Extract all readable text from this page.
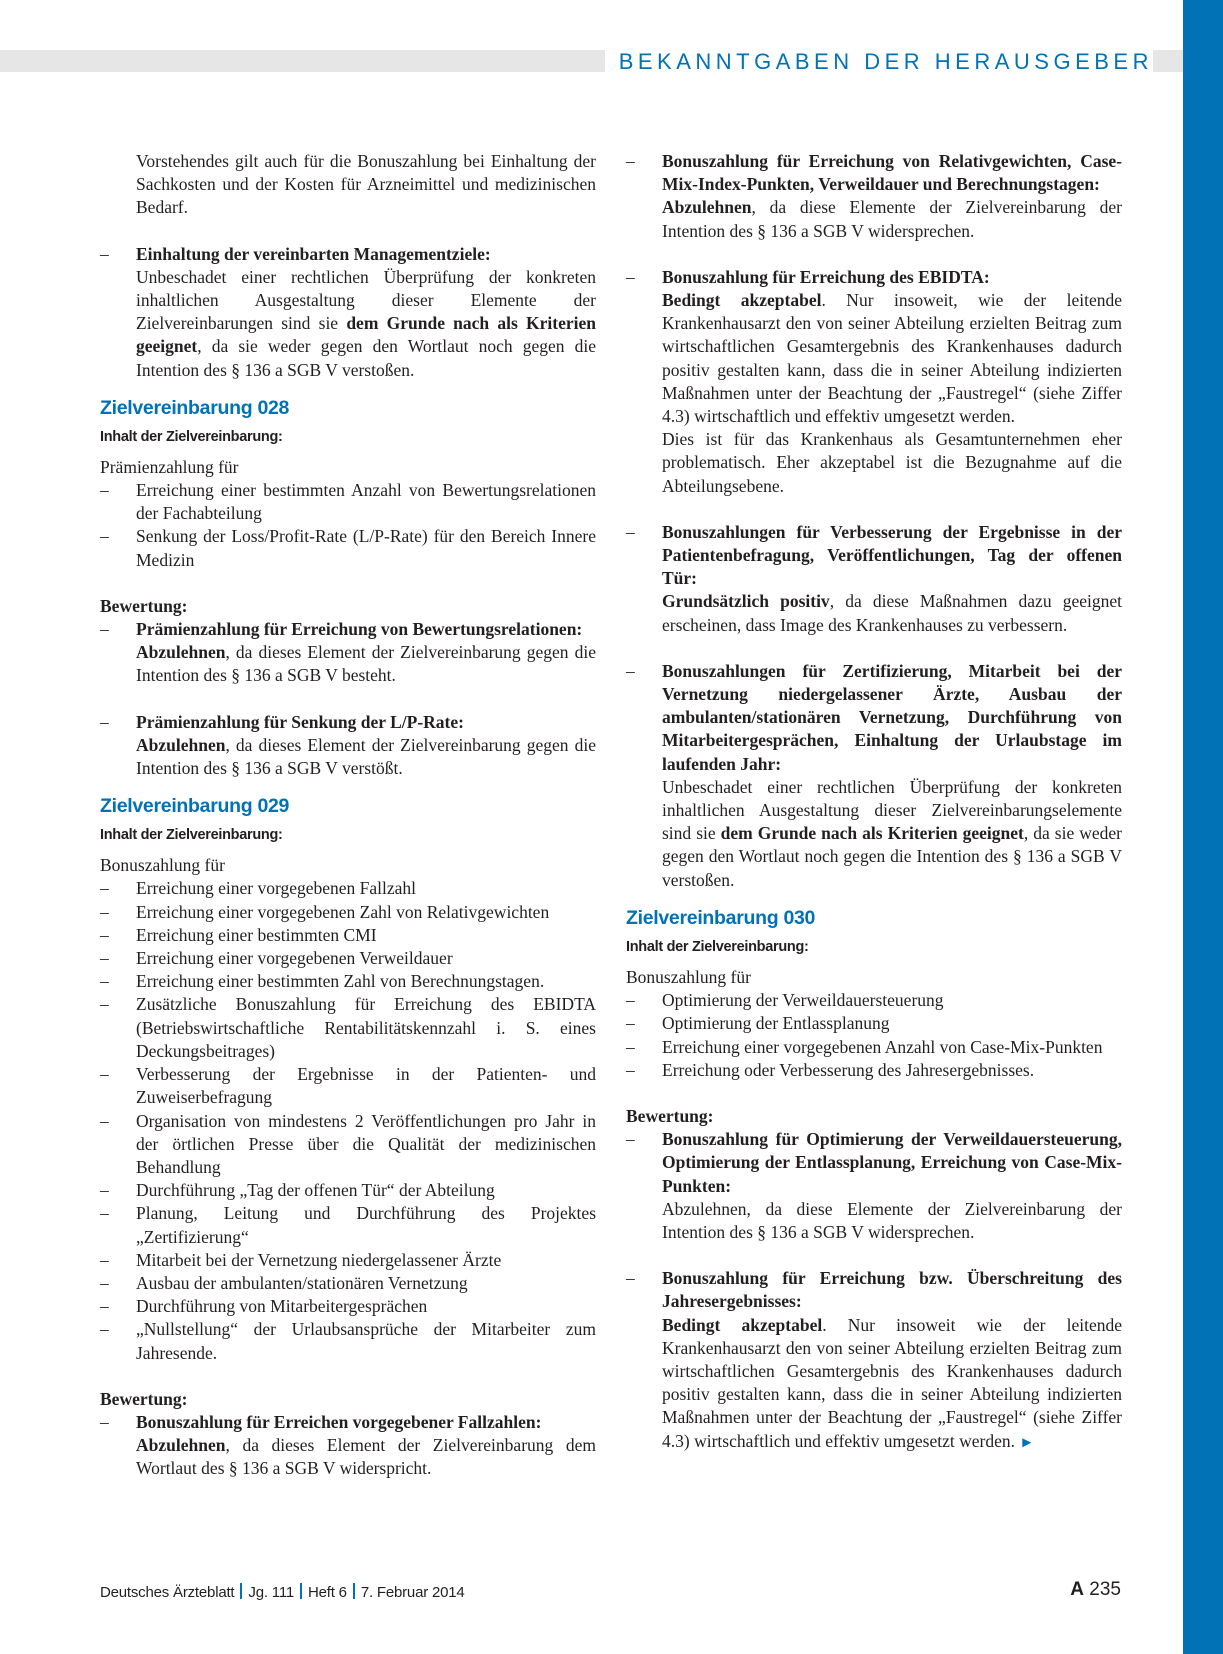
BEKANNTGABEN DER HERAUSGEBER

Vorstehendes gilt auch für die Bonuszahlung bei Einhaltung der Sachkosten und der Kosten für Arzneimittel und medizinischen Bedarf.

– Einhaltung der vereinbarten Managementziele:
Unbeschadet einer rechtlichen Überprüfung der konkreten inhaltlichen Ausgestaltung dieser Elemente der Zielvereinbarungen sind sie dem Grunde nach als Kriterien geeignet, da sie weder gegen den Wortlaut noch gegen die Intention des § 136 a SGB V verstoßen.
Zielvereinbarung 028
Inhalt der Zielvereinbarung:

Prämienzahlung für

– Erreichung einer bestimmten Anzahl von Bewertungsrelationen der Fachabteilung
– Senkung der Loss/Profit-Rate (L/P-Rate) für den Bereich Innere Medizin

Bewertung:

– Prämienzahlung für Erreichung von Bewertungsrelationen:
Abzulehnen, da dieses Element der Zielvereinbarung gegen die Intention des § 136 a SGB V besteht.
– Prämienzahlung für Senkung der L/P-Rate:
Abzulehnen, da dieses Element der Zielvereinbarung gegen die Intention des § 136 a SGB V verstößt.
Zielvereinbarung 029
Inhalt der Zielvereinbarung:

Bonuszahlung für

– Erreichung einer vorgegebenen Fallzahl
– Erreichung einer vorgegebenen Zahl von Relativgewichten
– Erreichung einer bestimmten CMI
– Erreichung einer vorgegebenen Verweildauer
– Erreichung einer bestimmten Zahl von Berechnungstagen.
– Zusätzliche Bonuszahlung für Erreichung des EBIDTA (Betriebswirtschaftliche Rentabilitätskennzahl i. S. eines Deckungsbeitrages)
– Verbesserung der Ergebnisse in der Patienten- und Zuweiserbefragung
– Organisation von mindestens 2 Veröffentlichungen pro Jahr in der örtlichen Presse über die Qualität der medizinischen Behandlung
– Durchführung „Tag der offenen Tür“ der Abteilung
– Planung, Leitung und Durchführung des Projektes „Zertifizierung“
– Mitarbeit bei der Vernetzung niedergelassener Ärzte
– Ausbau der ambulanten/stationären Vernetzung
– Durchführung von Mitarbeitergesprächen
– „Nullstellung“ der Urlaubsansprüche der Mitarbeiter zum Jahresende.

Bewertung:

– Bonuszahlung für Erreichen vorgegebener Fallzahlen:
Abzulehnen, da dieses Element der Zielvereinbarung dem Wortlaut des § 136 a SGB V widerspricht.
– Bonuszahlung für Erreichung von Relativgewichten, Case-Mix-Index-Punkten, Verweildauer und Berechnungstagen:
Abzulehnen, da diese Elemente der Zielvereinbarung der Intention des § 136 a SGB V widersprechen.
– Bonuszahlung für Erreichung des EBIDTA:
Bedingt akzeptabel. Nur insoweit, wie der leitende Krankenhausarzt den von seiner Abteilung erzielten Beitrag zum wirtschaftlichen Gesamtergebnis des Krankenhauses dadurch positiv gestalten kann, dass die in seiner Abteilung indizierten Maßnahmen unter der Beachtung der „Faustregel“ (siehe Ziffer 4.3) wirtschaftlich und effektiv umgesetzt werden.
Dies ist für das Krankenhaus als Gesamtunternehmen eher problematisch. Eher akzeptabel ist die Bezugnahme auf die Abteilungsebene.
– Bonuszahlungen für Verbesserung der Ergebnisse in der Patientenbefragung, Veröffentlichungen, Tag der offenen Tür:
Grundsätzlich positiv, da diese Maßnahmen dazu geeignet erscheinen, dass Image des Krankenhauses zu verbessern.
– Bonuszahlungen für Zertifizierung, Mitarbeit bei der Vernetzung niedergelassener Ärzte, Ausbau der ambulanten/stationären Vernetzung, Durchführung von Mitarbeitergesprächen, Einhaltung der Urlaubstage im laufenden Jahr:
Unbeschadet einer rechtlichen Überprüfung der konkreten inhaltlichen Ausgestaltung dieser Zielvereinbarungselemente sind sie dem Grunde nach als Kriterien geeignet, da sie weder gegen den Wortlaut noch gegen die Intention des § 136 a SGB V verstoßen.
Zielvereinbarung 030
Inhalt der Zielvereinbarung:

Bonuszahlung für

– Optimierung der Verweildauersteuerung
– Optimierung der Entlassplanung
– Erreichung einer vorgegebenen Anzahl von Case-Mix-Punkten
– Erreichung oder Verbesserung des Jahresergebnisses.

Bewertung:

– Bonuszahlung für Optimierung der Verweildauersteuerung, Optimierung der Entlassplanung, Erreichung von Case-Mix-Punkten:
Abzulehnen, da diese Elemente der Zielvereinbarung der Intention des § 136 a SGB V widersprechen.
– Bonuszahlung für Erreichung bzw. Überschreitung des Jahresergebnisses:
Bedingt akzeptabel. Nur insoweit wie der leitende Krankenhausarzt den von seiner Abteilung erzielten Beitrag zum wirtschaftlichen Gesamtergebnis des Krankenhauses dadurch positiv gestalten kann, dass die in seiner Abteilung indizierten Maßnahmen unter der Beachtung der „Faustregel“ (siehe Ziffer 4.3) wirtschaftlich und effektiv umgesetzt werden. ►
Deutsches Ärzteblatt Jg. 111 Heft 6 7. Februar 2014	A 235
